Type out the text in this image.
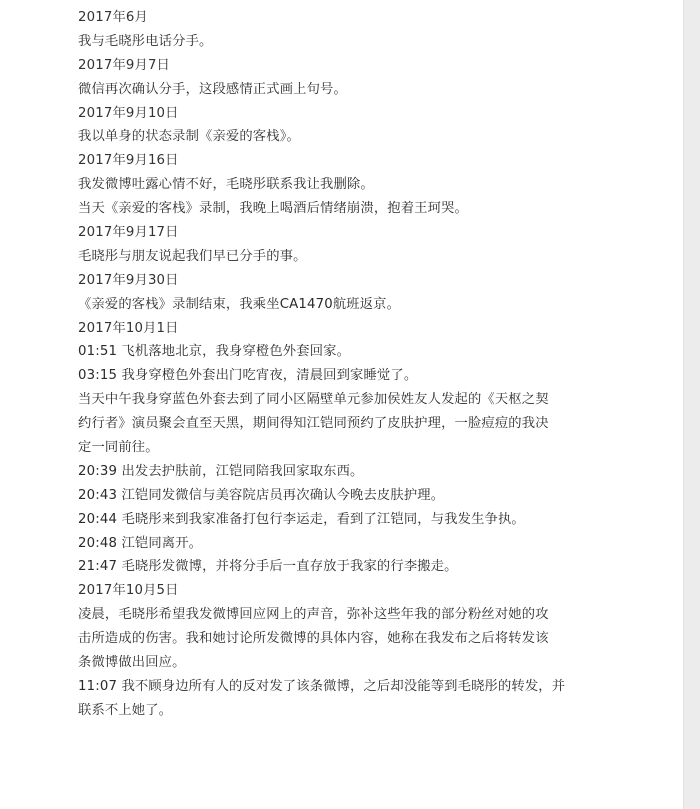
2017年6月
我与毛晓彤电话分手。
2017年9月7日
微信再次确认分手，这段感情正式画上句号。
2017年9月10日
我以单身的状态录制《亲爱的客栈》。
2017年9月16日
我发微博吐露心情不好，毛晓彤联系我让我删除。
当天《亲爱的客栈》录制，我晚上喝酒后情绪崩溃，抱着王珂哭。
2017年9月17日
毛晓彤与朋友说起我们早已分手的事。
2017年9月30日
《亲爱的客栈》录制结束，我乘坐CA1470航班返京。
2017年10月1日
01:51 飞机落地北京，我身穿橙色外套回家。
03:15 我身穿橙色外套出门吃宵夜，清晨回到家睡觉了。
当天中午我身穿蓝色外套去到了同小区隔壁单元参加侯姓友人发起的《天枢之契
约行者》演员聚会直至天黑，期间得知江铠同预约了皮肤护理，一脸痘痘的我决
定一同前往。
20:39 出发去护肤前，江铠同陪我回家取东西。
20:43 江铠同发微信与美容院店员再次确认今晚去皮肤护理。
20:44 毛晓彤来到我家准备打包行李运走，看到了江铠同，与我发生争执。
20:48 江铠同离开。
21:47 毛晓彤发微博，并将分手后一直存放于我家的行李搬走。
2017年10月5日
凌晨，毛晓彤希望我发微博回应网上的声音，弥补这些年我的部分粉丝对她的攻
击所造成的伤害。我和她讨论所发微博的具体内容，她称在我发布之后将转发该
条微博做出回应。
11:07 我不顾身边所有人的反对发了该条微博，之后却没能等到毛晓彤的转发，并
联系不上她了。
